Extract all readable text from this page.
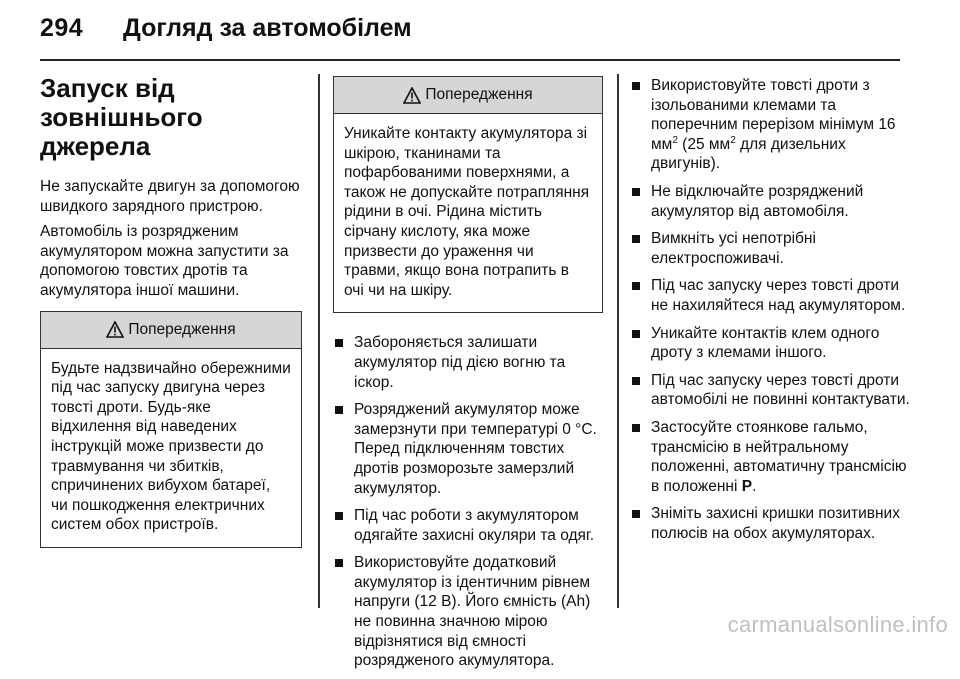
294 Догляд за автомобілем
Запуск від
зовнішнього джерела

Не запускайте двигун за допомогою швидкого зарядного пристрою.

Автомобіль із розрядженим акумулятором можна запустити за допомогою товстих дротів та акумулятора іншої машини.

Попередження
Будьте надзвичайно обережними під час запуску двигуна через товсті дроти. Будь-яке відхилення від наведених інструкцій може призвести до травмування чи збитків, спричинених вибухом батареї, чи пошкодження електричних систем обох пристроїв.
Попередження
Уникайте контакту акумулятора зі шкірою, тканинами та пофарбованими поверхнями, а також не допускайте потрапляння рідини в очі. Рідина містить сірчану кислоту, яка може призвести до ураження чи травми, якщо вона потрапить в очі чи на шкіру.
Забороняється залишати акумулятор під дією вогню та іскор.
Розряджений акумулятор може замерзнути при температурі 0 °C. Перед підключенням товстих дротів розморозьте замерзлий акумулятор.
Під час роботи з акумулятором одягайте захисні окуляри та одяг.
Використовуйте додатковий акумулятор із ідентичним рівнем напруги (12 В). Його ємність (Ah) не повинна значною мірою відрізнятися від ємності розрядженого акумулятора.
Використовуйте товсті дроти з ізольованими клемами та поперечним перерізом мінімум 16 $мм^2$ (25 $мм^2$ для дизельних двигунів).
Не відключайте розряджений акумулятор від автомобіля.
Вимкніть усі непотрібні електроспоживачі.
Під час запуску через товсті дроти не нахиляйтеся над акумулятором.
Уникайте контактів клем одного дроту з клемами іншого.
Під час запуску через товсті дроти автомобілі не повинні контактувати.
Застосуйте стоянкове гальмо, трансмісію в нейтральному положенні, автоматичну трансмісію в положенні P.
Зніміть захисні кришки позитивних полюсів на обох акумуляторах.
carmanualsonline.info
